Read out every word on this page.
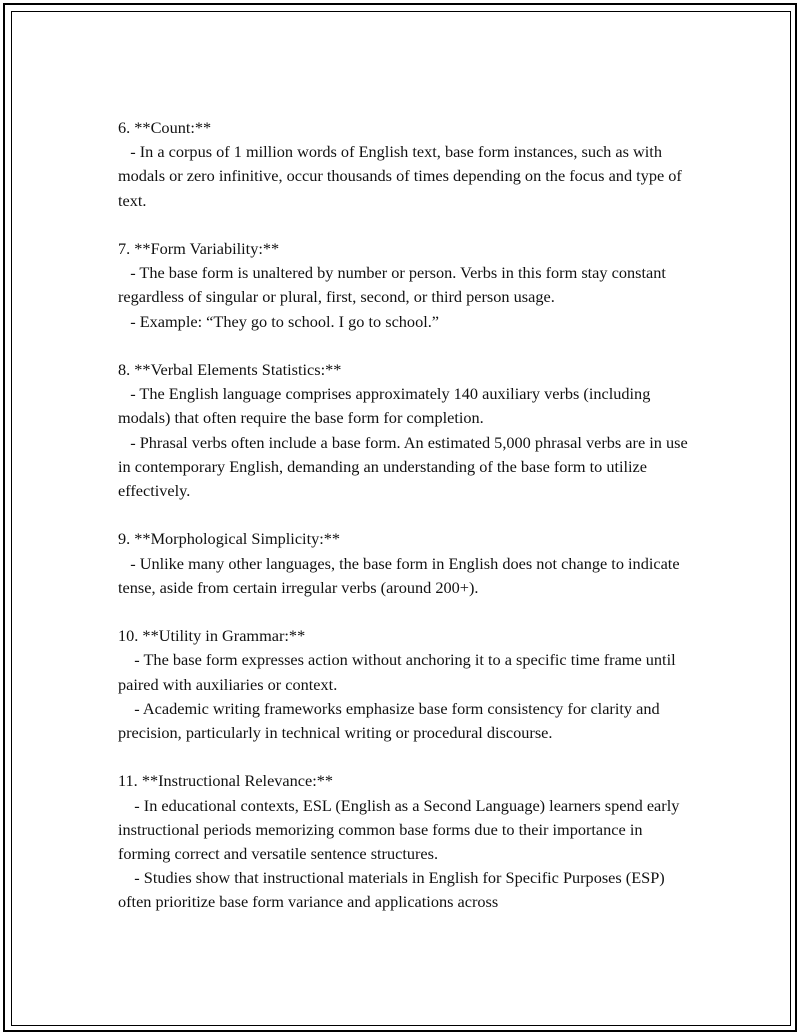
6. **Count:**

- In a corpus of 1 million words of English text, base form instances, such as with modals or zero infinitive, occur thousands of times depending on the focus and type of text.

7. **Form Variability:**

- The base form is unaltered by number or person. Verbs in this form stay constant regardless of singular or plural, first, second, or third person usage.

- Example: “They go to school. I go to school.”

8. **Verbal Elements Statistics:**

- The English language comprises approximately 140 auxiliary verbs (including modals) that often require the base form for completion.

- Phrasal verbs often include a base form. An estimated 5,000 phrasal verbs are in use in contemporary English, demanding an understanding of the base form to utilize effectively.

9. **Morphological Simplicity:**

- Unlike many other languages, the base form in English does not change to indicate tense, aside from certain irregular verbs (around 200+).

10. **Utility in Grammar:**

- The base form expresses action without anchoring it to a specific time frame until paired with auxiliaries or context.

- Academic writing frameworks emphasize base form consistency for clarity and precision, particularly in technical writing or procedural discourse.

11. **Instructional Relevance:**

- In educational contexts, ESL (English as a Second Language) learners spend early instructional periods memorizing common base forms due to their importance in forming correct and versatile sentence structures.

- Studies show that instructional materials in English for Specific Purposes (ESP) often prioritize base form variance and applications across
